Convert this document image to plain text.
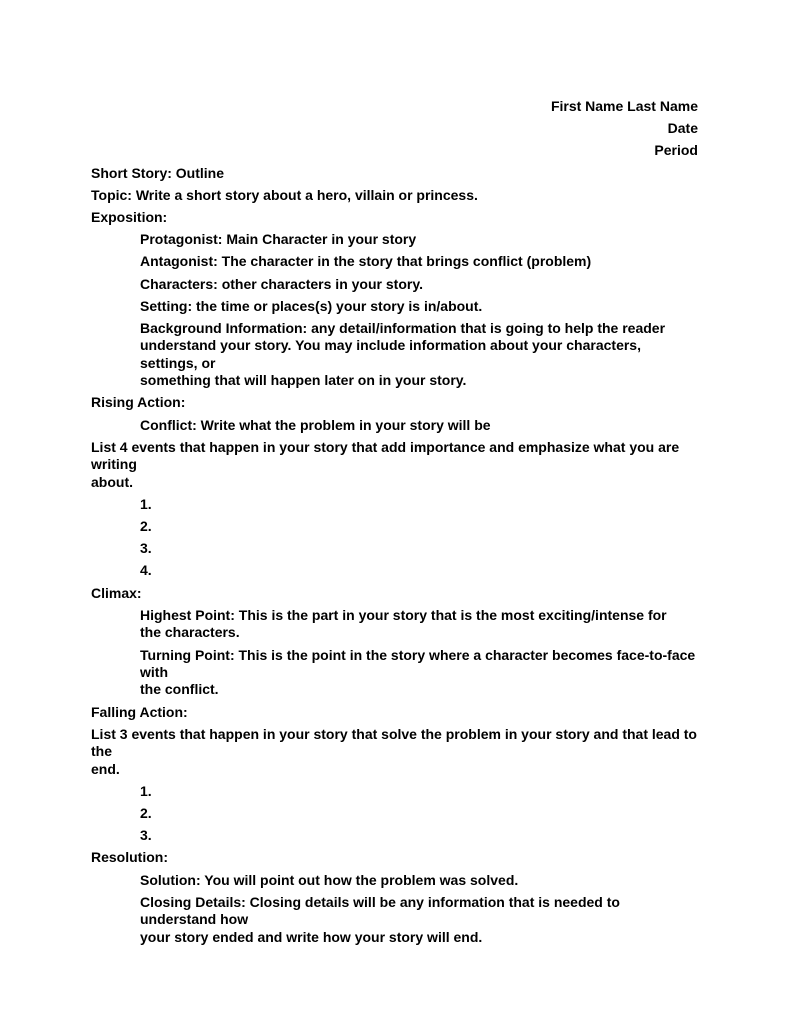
First Name Last Name

Date

Period

Short Story: Outline

Topic: Write a short story about a hero, villain or princess.

Exposition:

Protagonist: Main Character in your story

Antagonist: The character in the story that brings conflict (problem)

Characters: other characters in your story.

Setting: the time or places(s) your story is in/about.

Background Information: any detail/information that is going to help the reader
understand your story. You may include information about your characters, settings, or
something that will happen later on in your story.

Rising Action:

Conflict: Write what the problem in your story will be

List 4 events that happen in your story that add importance and emphasize what you are writing
about.

1.

2.

3.

4.

Climax:

Highest Point: This is the part in your story that is the most exciting/intense for
the characters.

Turning Point: This is the point in the story where a character becomes face-to-face with
the conflict.

Falling Action:

List 3 events that happen in your story that solve the problem in your story and that lead to the
end.

1.

2.

3.

Resolution:

Solution: You will point out how the problem was solved.

Closing Details: Closing details will be any information that is needed to understand how
your story ended and write how your story will end.
